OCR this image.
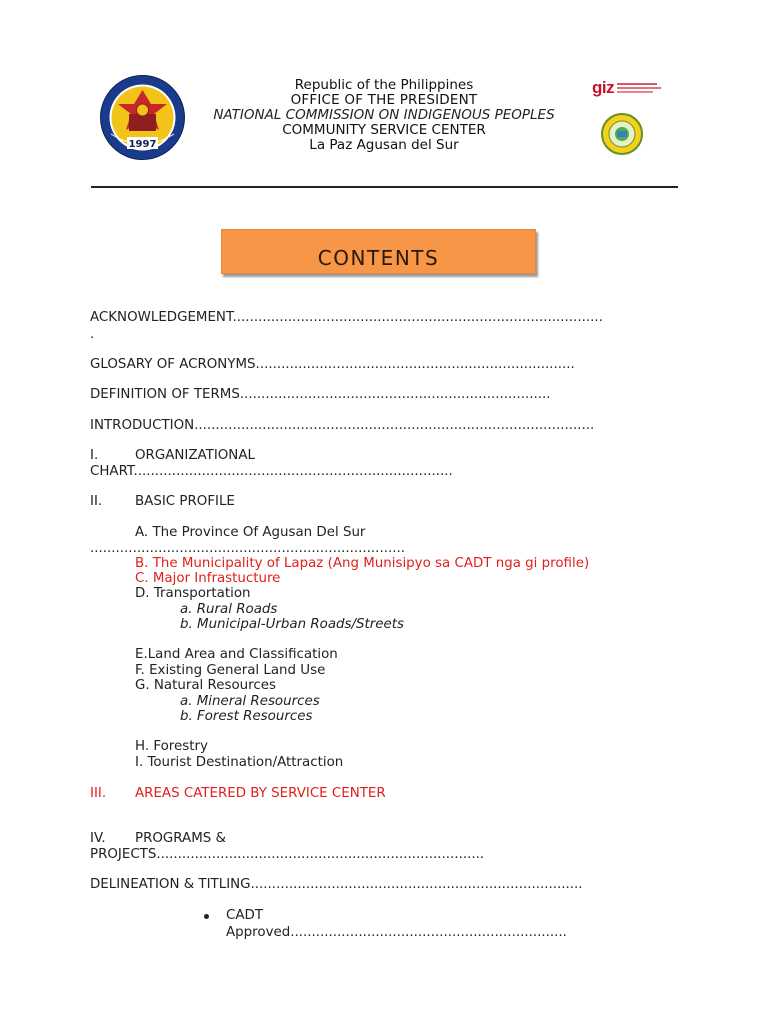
1997
giz
Republic of the Philippines
OFFICE OF THE PRESIDENT
NATIONAL COMMISSION ON INDIGENOUS PEOPLES
COMMUNITY SERVICE CENTER
La Paz Agusan del Sur
CONTENTS
ACKNOWLEDGEMENT.......................................................................................
.
GLOSARY OF ACRONYMS...........................................................................
DEFINITION OF TERMS.........................................................................
INTRODUCTION..............................................................................................
I.	ORGANIZATIONAL
CHART...........................................................................
II. BASIC PROFILE
A. The Province Of Agusan Del Sur
..........................................................................
B. The Municipality of Lapaz (Ang Munisipyo sa CADT nga gi profile)
C. Major Infrastucture
D. Transportation
a. Rural Roads
b. Municipal-Urban Roads/Streets
E.Land Area and Classification
F. Existing General Land Use
G. Natural Resources
a. Mineral Resources
b. Forest Resources
H. Forestry
I. Tourist Destination/Attraction
III. AREAS CATERED BY SERVICE CENTER
IV. PROGRAMS &
PROJECTS.............................................................................
DELINEATION & TITLING..............................................................................
CADT
Approved.................................................................
